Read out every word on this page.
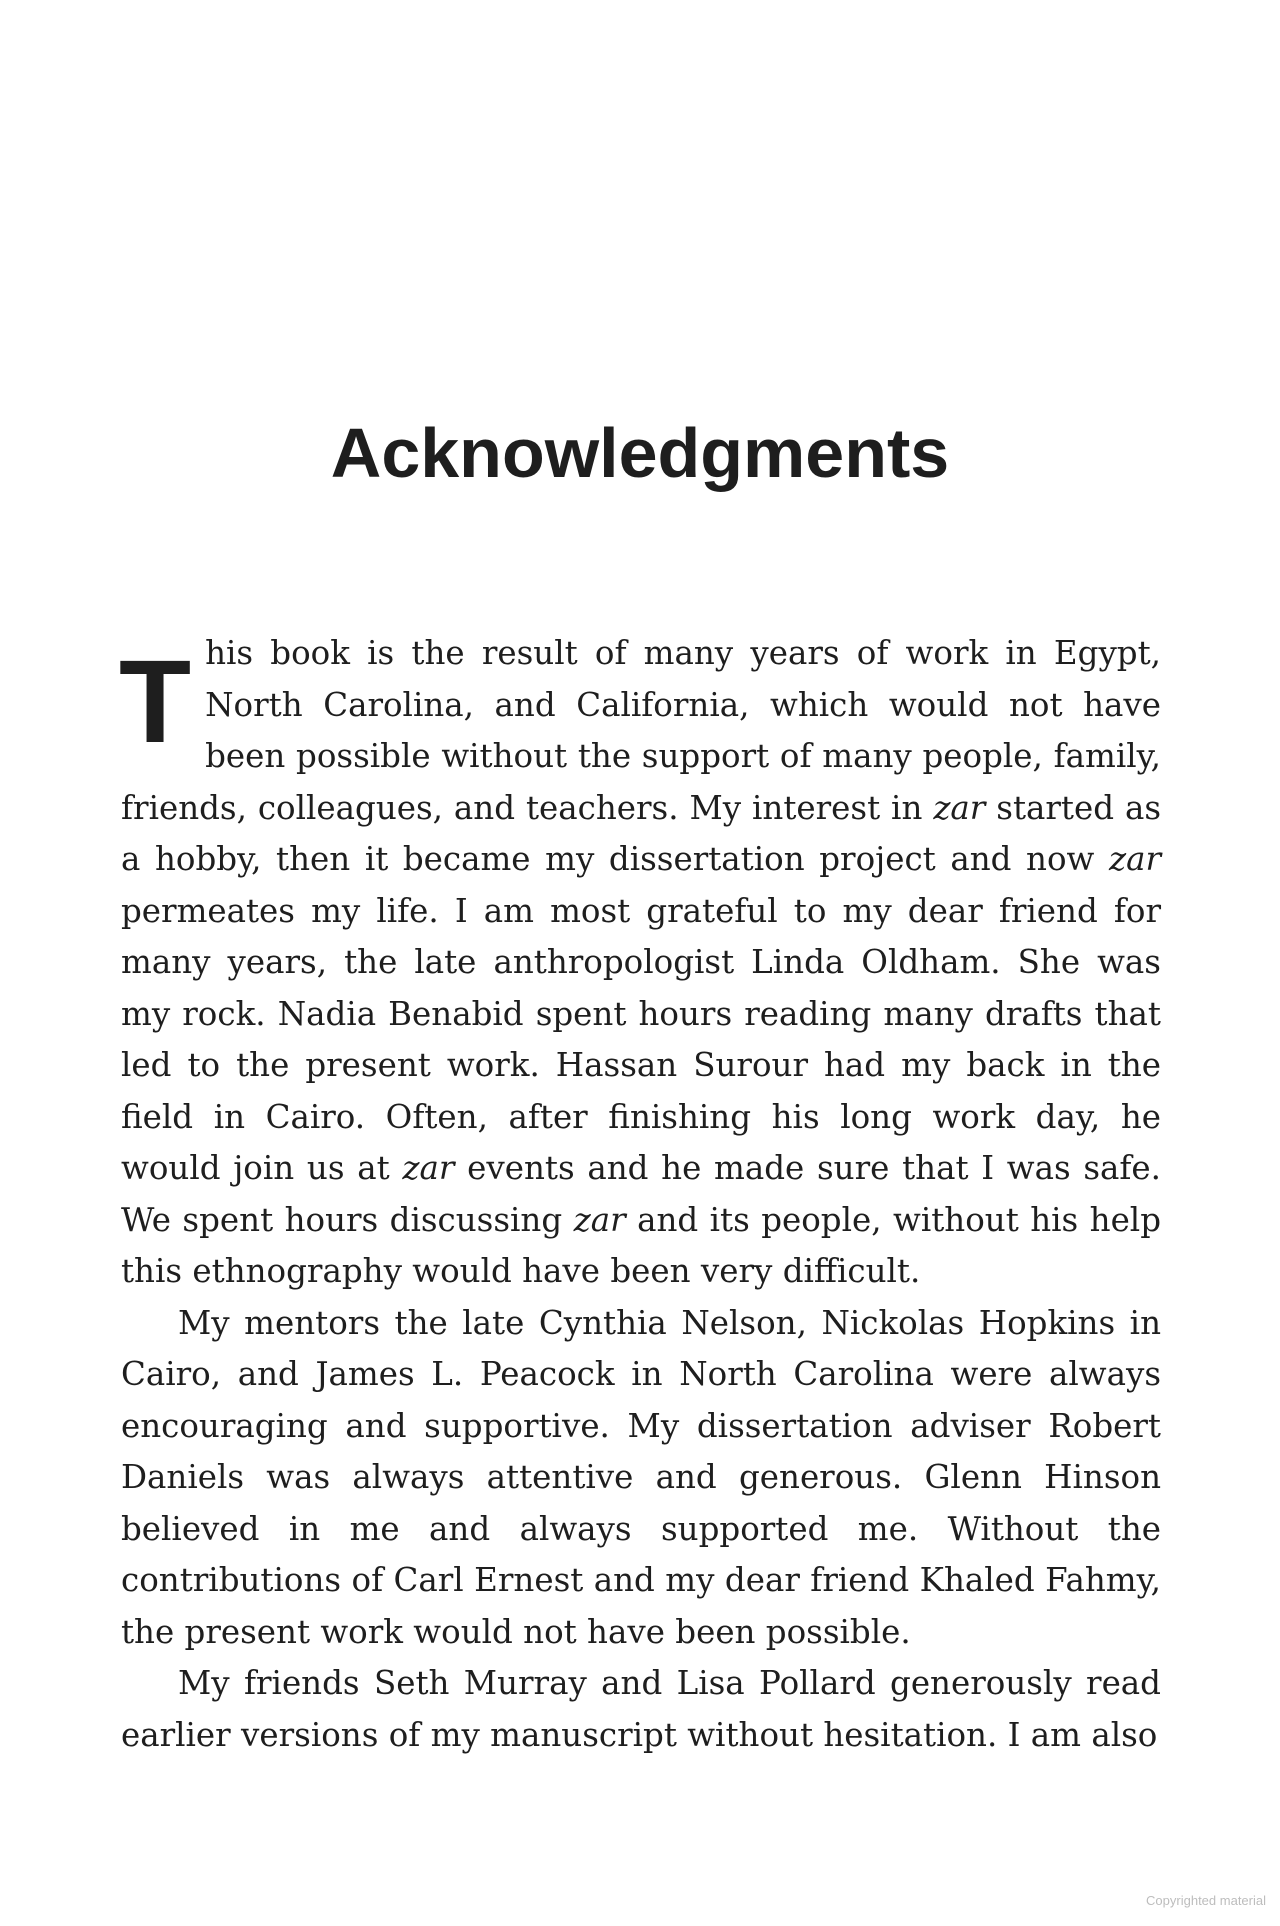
Acknowledgments

This book is the result of many years of work in Egypt, North Carolina, and California, which would not have been possible without the support of many people, family, friends, colleagues, and teachers. My interest in zar started as a hobby, then it became my dissertation project and now zar permeates my life. I am most grateful to my dear friend for many years, the late anthropologist Linda Oldham. She was my rock. Nadia Benabid spent hours reading many drafts that led to the present work. Hassan Surour had my back in the field in Cairo. Often, after finishing his long work day, he would join us at zar events and he made sure that I was safe. We spent hours discussing zar and its people, without his help this ethnography would have been very difficult.

My mentors the late Cynthia Nelson, Nickolas Hopkins in Cairo, and James L. Peacock in North Carolina were always encouraging and supportive. My dissertation adviser Robert Daniels was always attentive and generous. Glenn Hinson believed in me and always supported me. Without the contributions of Carl Ernest and my dear friend Khaled Fahmy, the present work would not have been possible.

My friends Seth Murray and Lisa Pollard generously read earlier versions of my manuscript without hesitation. I am also

Copyrighted material
